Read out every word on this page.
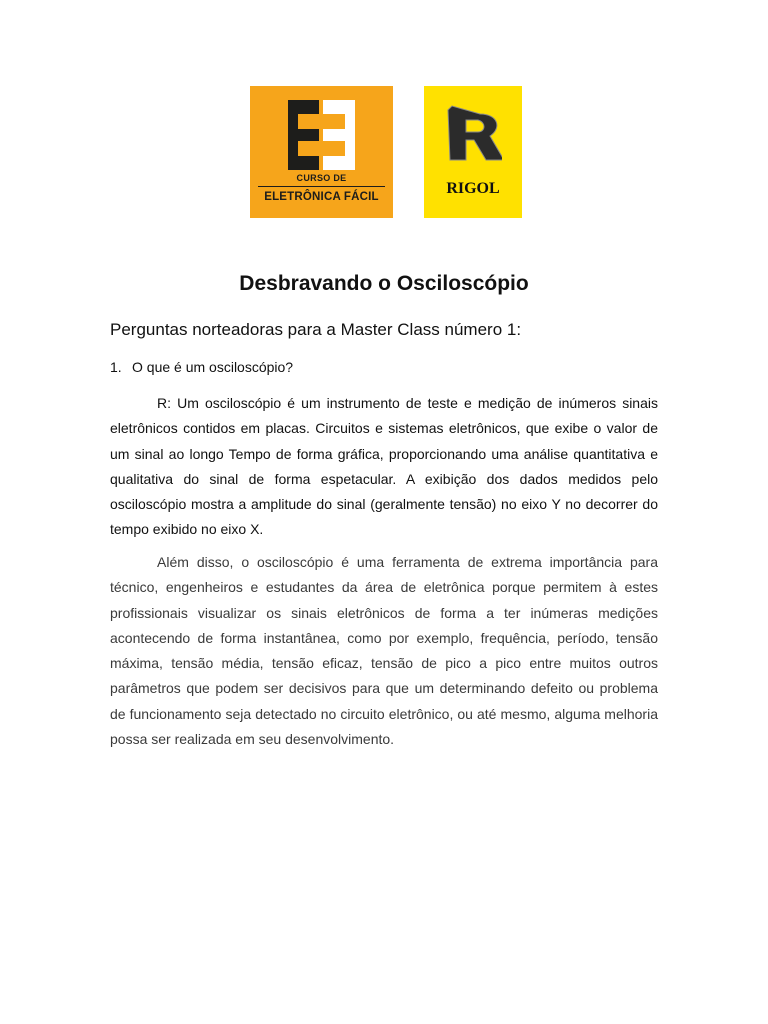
CURSO DE
ELETRÔNICA FÁCIL	RIGOL
Desbravando o Osciloscópio

Perguntas norteadoras para a Master Class número 1:

1. O que é um osciloscópio?

R: Um osciloscópio é um instrumento de teste e medição de inúmeros sinais eletrônicos contidos em placas. Circuitos e sistemas eletrônicos, que exibe o valor de um sinal ao longo Tempo de forma gráfica, proporcionando uma análise quantitativa e qualitativa do sinal de forma espetacular. A exibição dos dados medidos pelo osciloscópio mostra a amplitude do sinal (geralmente tensão) no eixo Y no decorrer do tempo exibido no eixo X.

Além disso, o osciloscópio é uma ferramenta de extrema importância para técnico, engenheiros e estudantes da área de eletrônica porque permitem à estes profissionais visualizar os sinais eletrônicos de forma a ter inúmeras medições acontecendo de forma instantânea, como por exemplo, frequência, período, tensão máxima, tensão média, tensão eficaz, tensão de pico a pico entre muitos outros parâmetros que podem ser decisivos para que um determinando defeito ou problema de funcionamento seja detectado no circuito eletrônico, ou até mesmo, alguma melhoria possa ser realizada em seu desenvolvimento.
